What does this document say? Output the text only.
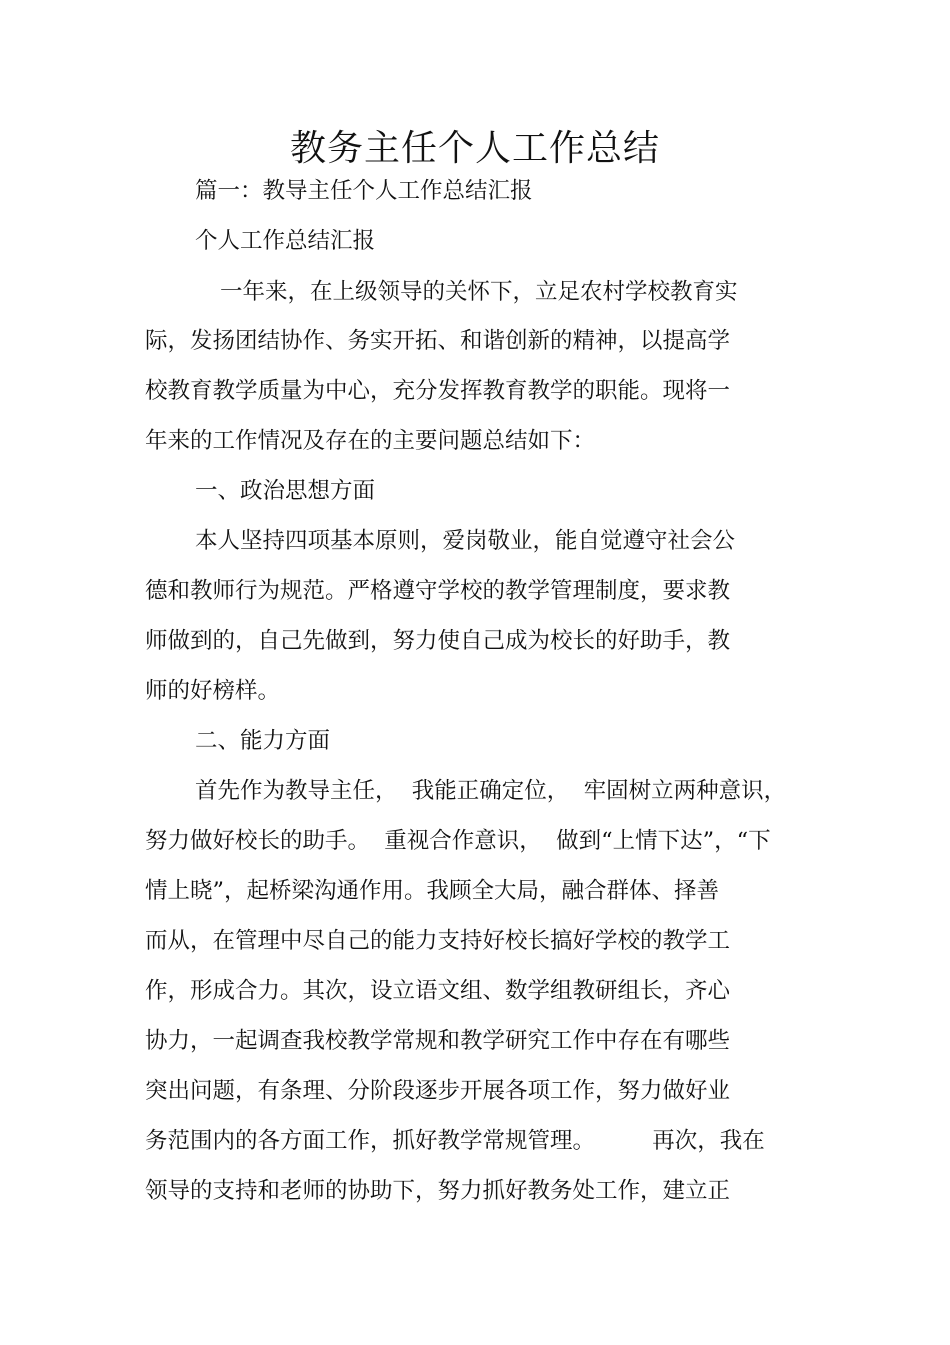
教务主任个人工作总结
篇一：教导主任个人工作总结汇报
个人工作总结汇报
一年来，在上级领导的关怀下，立足农村学校教育实
际，发扬团结协作、务实开拓、和谐创新的精神，以提高学
校教育教学质量为中心，充分发挥教育教学的职能。现将一
年来的工作情况及存在的主要问题总结如下：
一、政治思想方面
本人坚持四项基本原则，爱岗敬业，能自觉遵守社会公
德和教师行为规范。严格遵守学校的教学管理制度，要求教
师做到的，自己先做到，努力使自己成为校长的好助手，教
师的好榜样。
二、能力方面
首先作为教导主任，  我能正确定位，  牢固树立两种意识，
努力做好校长的助手。  重视合作意识，  做到“上情下达”，“下
情上晓”，起桥梁沟通作用。我顾全大局，融合群体、择善
而从，在管理中尽自己的能力支持好校长搞好学校的教学工
作，形成合力。其次，设立语文组、数学组教研组长，齐心
协力，一起调查我校教学常规和教学研究工作中存在有哪些
突出问题，有条理、分阶段逐步开展各项工作，努力做好业
务范围内的各方面工作，抓好教学常规管理。        再次，我在
领导的支持和老师的协助下，努力抓好教务处工作，建立正
